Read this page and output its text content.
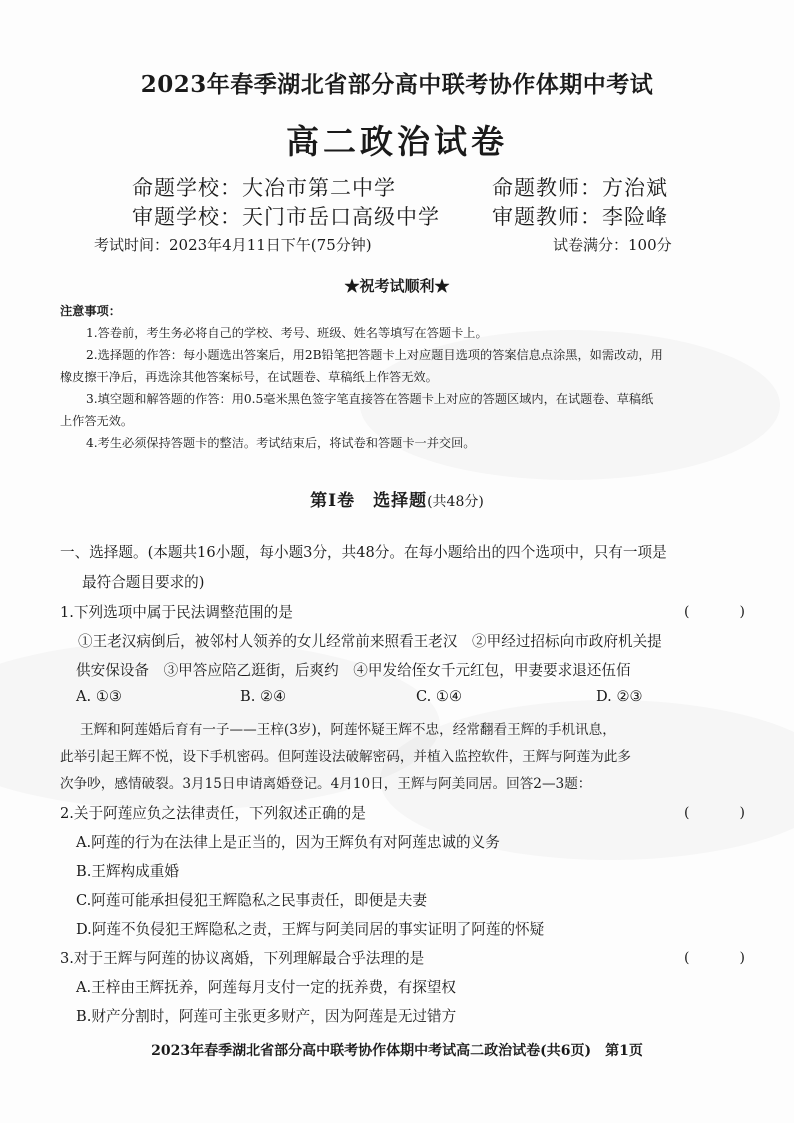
2023年春季湖北省部分高中联考协作体期中考试
高二政治试卷
命题学校：大冶市第二中学	命题教师：方治斌
审题学校：天门市岳口高级中学 审题教师：李险峰
考试时间：2023年4月11日下午(75分钟)	试卷满分：100分
★祝考试顺利★
注意事项：
1.答卷前，考生务必将自己的学校、考号、班级、姓名等填写在答题卡上。
2.选择题的作答：每小题选出答案后，用2B铅笔把答题卡上对应题目选项的答案信息点涂黑，如需改动，用
橡皮擦干净后，再选涂其他答案标号，在试题卷、草稿纸上作答无效。
3.填空题和解答题的作答：用0.5毫米黑色签字笔直接答在答题卡上对应的答题区域内，在试题卷、草稿纸
上作答无效。
4.考生必须保持答题卡的整洁。考试结束后，将试卷和答题卡一并交回。
第Ⅰ卷　选择题(共48分)
一、选择题。(本题共16小题，每小题3分，共48分。在每小题给出的四个选项中，只有一项是
最符合题目要求的)
1.下列选项中属于民法调整范围的是	(　)
①王老汉病倒后，被邻村人领养的女儿经常前来照看王老汉　②甲经过招标向市政府机关提
供安保设备　③甲答应陪乙逛街，后爽约　④甲发给侄女千元红包，甲妻要求退还伍佰
A. ①③	B. ②④	C. ①④	D. ②③
王辉和阿莲婚后育有一子——王梓(3岁)，阿莲怀疑王辉不忠，经常翻看王辉的手机讯息，
此举引起王辉不悦，设下手机密码。但阿莲设法破解密码，并植入监控软件，王辉与阿莲为此多
次争吵，感情破裂。3月15日申请离婚登记。4月10日，王辉与阿美同居。回答2—3题：
2.关于阿莲应负之法律责任，下列叙述正确的是	(　)
A.阿莲的行为在法律上是正当的，因为王辉负有对阿莲忠诚的义务
B.王辉构成重婚
C.阿莲可能承担侵犯王辉隐私之民事责任，即便是夫妻
D.阿莲不负侵犯王辉隐私之责，王辉与阿美同居的事实证明了阿莲的怀疑
3.对于王辉与阿莲的协议离婚，下列理解最合乎法理的是	(　)
A.王梓由王辉抚养，阿莲每月支付一定的抚养费，有探望权
B.财产分割时，阿莲可主张更多财产，因为阿莲是无过错方
2023年春季湖北省部分高中联考协作体期中考试高二政治试卷(共6页)　第1页
